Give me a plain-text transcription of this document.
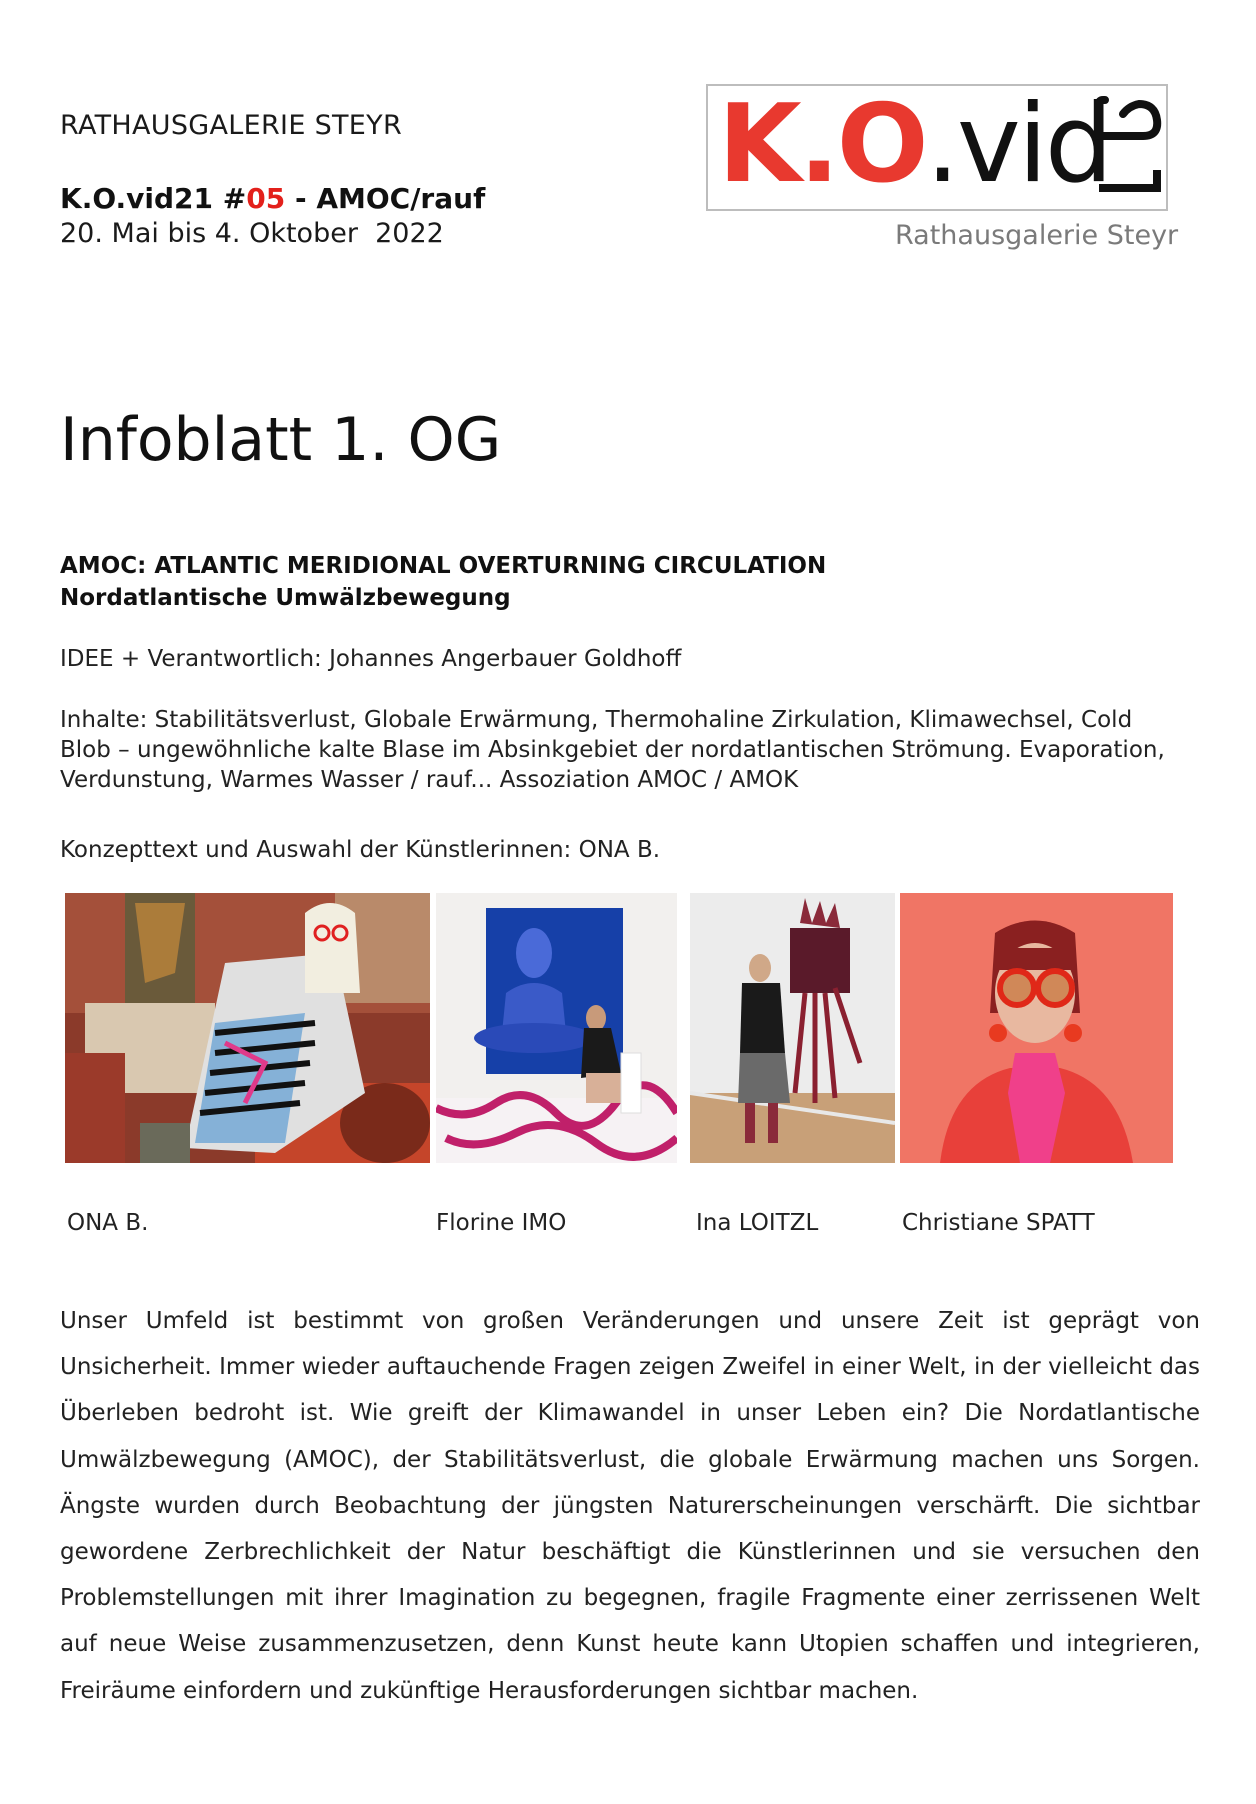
RATHAUSGALERIE STEYR
K.O.vid21 #05 - AMOC/rauf
20. Mai bis 4. Oktober  2022
K.O.vid
Rathausgalerie Steyr
Infoblatt 1. OG
AMOC: ATLANTIC MERIDIONAL OVERTURNING CIRCULATION
Nordatlantische Umwälzbewegung
IDEE + Verantwortlich: Johannes Angerbauer Goldhoff
Inhalte: Stabilitätsverlust, Globale Erwärmung, Thermohaline Zirkulation, Klimawechsel, Cold Blob – ungewöhnliche kalte Blase im Absinkgebiet der nordatlantischen Strömung. Evaporation, Verdunstung, Warmes Wasser / rauf... Assoziation AMOC / AMOK
Konzepttext und Auswahl der Künstlerinnen: ONA B.
ONA B.	Florine IMO	Ina LOITZL	Christiane SPATT
Unser Umfeld ist bestimmt von großen Veränderungen und unsere Zeit ist geprägt von Unsicherheit. Immer wieder auftauchende Fragen zeigen Zweifel in einer Welt, in der vielleicht das Überleben bedroht ist. Wie greift der Klimawandel in unser Leben ein? Die Nordatlantische Umwälzbewegung (AMOC), der Stabilitätsverlust, die globale Erwärmung machen uns Sorgen. Ängste wurden durch Beobachtung der jüngsten Naturerscheinungen verschärft. Die sichtbar gewordene Zerbrechlichkeit der Natur beschäftigt die Künstlerinnen und sie versuchen den Problemstellungen mit ihrer Imagination zu begegnen, fragile Fragmente einer zerrissenen Welt auf neue Weise zusammenzusetzen, denn Kunst heute kann Utopien schaffen und integrieren, Freiräume einfordern und zukünftige Herausforderungen sichtbar machen.
